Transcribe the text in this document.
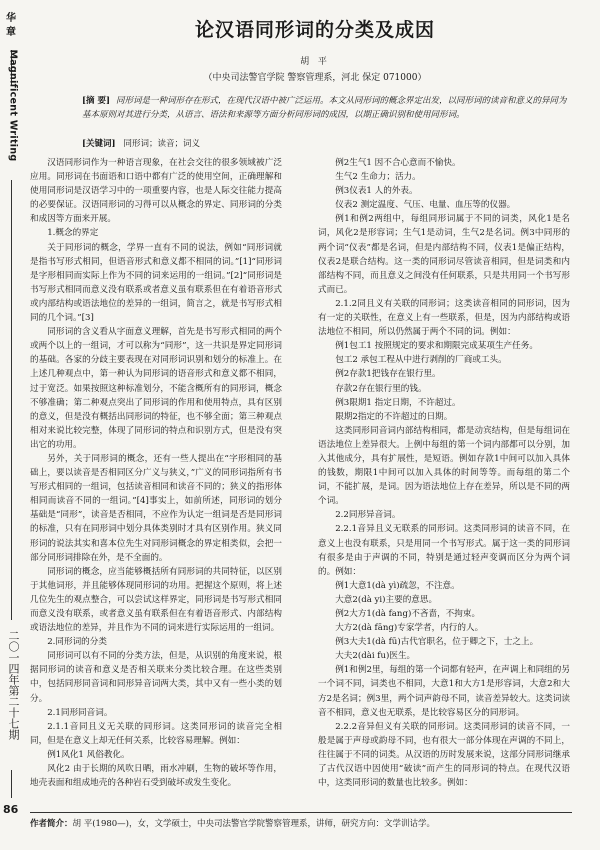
华章
Magnificent Writing
二〇一四年第二十七期
86
论汉语同形词的分类及成因
胡 平
（中央司法警官学院 警察管理系，河北 保定 071000）
[摘 要] 同形词是一种词形存在形式，在现代汉语中被广泛运用。本文从同形词的概念界定出发，以同形词的读音和意义的异同为基本原则对其进行分类，从语言、语法和来源等方面分析同形词的成因，以期正确识别和使用同形词。
[关键词] 同形词；读音；词义
汉语同形词作为一种语言现象，在社会交往的很多领域被广泛应用。同形词在书面语和口语中都有广泛的使用空间，正确理解和使用同形词是汉语学习中的一项重要内容，也是人际交往能力提高的必要保证。汉语同形词的习得可以从概念的界定、同形词的分类和成因等方面来开展。
1.概念的界定
关于同形词的概念，学界一直有不同的说法，例如“同形词就是指书写形式相同，但语音形式和意义都不相同的词。”[1]“同形词是字形相同而实际上作为不同的词来运用的一组词。”[2]“同形词是书写形式相同而意义没有联系或者意义虽有联系但在有着语音形式或内部结构或语法地位的差异的一组词，简言之，就是书写形式相同的几个词。”[3]
同形词的含义看从字面意义理解，首先是书写形式相同的两个或两个以上的一组词，才可以称为“同形”，这一共识是界定同形词的基础。各家的分歧主要表现在对同形词识别和划分的标准上。在上述几种观点中，第一种认为同形词的语音形式和意义都不相同，过于宽泛。如果按照这种标准划分，不能含概所有的同形词，概念不够准确；第二种观点突出了同形词的作用和使用特点，具有区别的意义，但是没有概括出同形词的特征，也不够全面；第三种观点相对来说比较完整，体现了同形词的特点和识别方式，但是没有突出它的功用。
另外，关于同形词的概念，还有一些人提出在“字形相同的基础上，要以读音是否相同区分广义与狭义，”广义的同形词指所有书写形式相同的一组词，包括读音相同和读音不同的；狭义的指形体相同而读音不同的一组词。”[4]事实上，如前所述，同形词的划分基础是“同形”，读音是否相同，不应作为认定一组词是否是同形词的标准，只有在同形词中划分具体类别时才具有区别作用。狭义同形词的说法其实和喜本位先生对同形词概念的界定相类似，会把一部分同形词排除在外，是不全面的。
同形词的概念，应当能够概括所有同形词的共同特征，以区别于其他词形，并且能够体现同形词的功用。把握这个原则，将上述几位先生的观点整合，可以尝试这样界定，同形词是书写形式相同而意义没有联系，或者意义虽有联系但在有着语音形式、内部结构或语法地位的差异，并且作为不同的词来进行实际运用的一组词。
2.同形词的分类
同形词可以有不同的分类方法，但是，从识别的角度来说，根据同形词的读音和意义是否相关联来分类比较合理。在这些类别中，包括同形同音词和同形异音词两大类，其中又有一些小类的划分。
2.1同形同音词。
2.1.1音同且义无关联的同形词。这类同形词的读音完全相同，但是在意义上却无任何关系，比较容易理解。例如：
例1风化1 风俗教化。
风化2 由于长期的风吹日晒，雨水冲刷，生物的破坏等作用，地壳表面和组成地壳的各种岩石受到破坏或发生变化。
例2生气1 因不合心意而不愉快。
生气2 生命力；活力。
例3仪表1 人的外表。
仪表2 测定温度、气压、电量、血压等的仪器。
例1和例2两组中，每组同形词属于不同的词类，风化1是名词，风化2是形容词；生气1是动词，生气2是名词。例3中同形的两个词“仪表”都是名词，但是内部结构不同，仪表1是偏正结构，仪表2是联合结构。这一类的同形词尽管读音相同，但是词类和内部结构不同，而且意义之间没有任何联系，只是共用同一个书写形式而已。
2.1.2同且义有关联的同形词；这类读音相同的同形词，因为有一定的关联性，在意义上有一些联系，但是，因为内部结构或语法地位不相同，所以仍然属于两个不同的词。例如：
例1包工1 按照规定的要求和期限完成某项生产任务。
包工2 承包工程从中进行剥削的厂商或工头。
例2存款1把钱存在银行里。
存款2存在银行里的钱。
例3限期1 指定日期，不许超过。
限期2指定的不许超过的日期。
这类同形同音词内部结构相同，都是动宾结构，但是每组词在语法地位上差异很大。上例中每组的第一个词内部都可以分别，加入其他成分，具有扩展性，是短语。例如存款1中间可以加入具体的钱数，期限1中间可以加入具体的时间等等。而每组的第二个词，不能扩展，是词。因为语法地位上存在差异，所以是不同的两个词。
2.2同形异音词。
2.2.1音异且义无联系的同形词。这类同形词的读音不同，在意义上也没有联系，只是用同一个书写形式。属于这一类的同形词有很多是由于声调的不同，特别是通过轻声变调而区分为两个词的。例如：
例1大意1(dà yì)疏忽，不注意。
大意2(dà yi)主要的意思。
例2大方1(dà fang)不吝啬，不拘束。
大方2(dà fāng)专家学者，内行的人。
例3大夫1(dà fū)古代官职名，位于卿之下，士之上。
大夫2(dài fu)医生。
例1和例2里，每组的第一个词都有轻声，在声调上和同组的另一个词不同，词类也不相同，大意1和大方1是形容词，大意2和大方2是名词；例3里，两个词声韵母不同，读音差异较大。这类词读音不相同，意义也无联系，是比较容易区分的同形词。
2.2.2音异但义有关联的同形词。这类同形词的读音不同，一般是属于声母或韵母不同，也有很大一部分体现在声调的不同上，往往属于不同的词类。从汉语的历时发展来说，这部分同形词继承了古代汉语中因使用“破读”而产生的同形词的特点。在现代汉语中，这类同形词的数量也比较多。例如：
作者简介：胡 平(1980—)，女，文学硕士，中央司法警官学院警察管理系，讲师，研究方向：文学训诂学。
